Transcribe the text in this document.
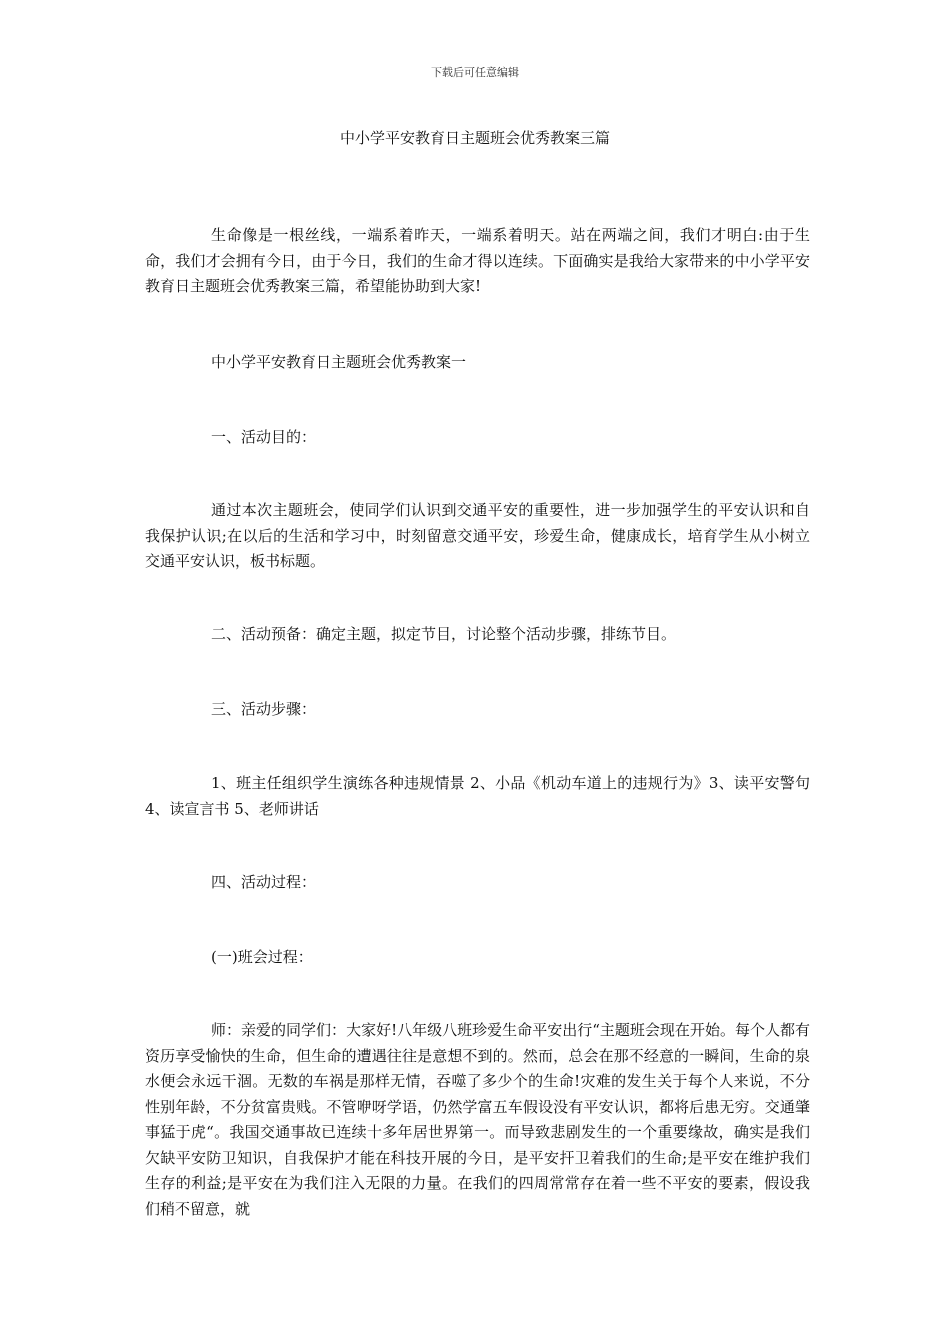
下载后可任意编辑
中小学平安教育日主题班会优秀教案三篇

生命像是一根丝线，一端系着昨天，一端系着明天。站在两端之间，我们才明白:由于生命，我们才会拥有今日，由于今日，我们的生命才得以连续。下面确实是我给大家带来的中小学平安教育日主题班会优秀教案三篇，希望能协助到大家!

中小学平安教育日主题班会优秀教案一

一、活动目的：

通过本次主题班会，使同学们认识到交通平安的重要性，进一步加强学生的平安认识和自我保护认识;在以后的生活和学习中，时刻留意交通平安，珍爱生命，健康成长，培育学生从小树立交通平安认识，板书标题。

二、活动预备：确定主题，拟定节目，讨论整个活动步骤，排练节目。

三、活动步骤：

1、班主任组织学生演练各种违规情景 2、小品《机动车道上的违规行为》3、读平安警句 4、读宣言书 5、老师讲话

四、活动过程：

(一)班会过程：

师：亲爱的同学们：大家好!八年级八班珍爱生命平安出行“主题班会现在开始。每个人都有资历享受愉快的生命，但生命的遭遇往往是意想不到的。然而，总会在那不经意的一瞬间，生命的泉水便会永远干涸。无数的车祸是那样无情，吞噬了多少个的生命!灾难的发生关于每个人来说，不分性别年龄，不分贫富贵贱。不管咿呀学语，仍然学富五车假设没有平安认识，都将后患无穷。交通肇事猛于虎“。我国交通事故已连续十多年居世界第一。而导致悲剧发生的一个重要缘故，确实是我们欠缺平安防卫知识，自我保护才能在科技开展的今日，是平安扞卫着我们的生命;是平安在维护我们生存的利益;是平安在为我们注入无限的力量。在我们的四周常常存在着一些不平安的要素，假设我们稍不留意，就
